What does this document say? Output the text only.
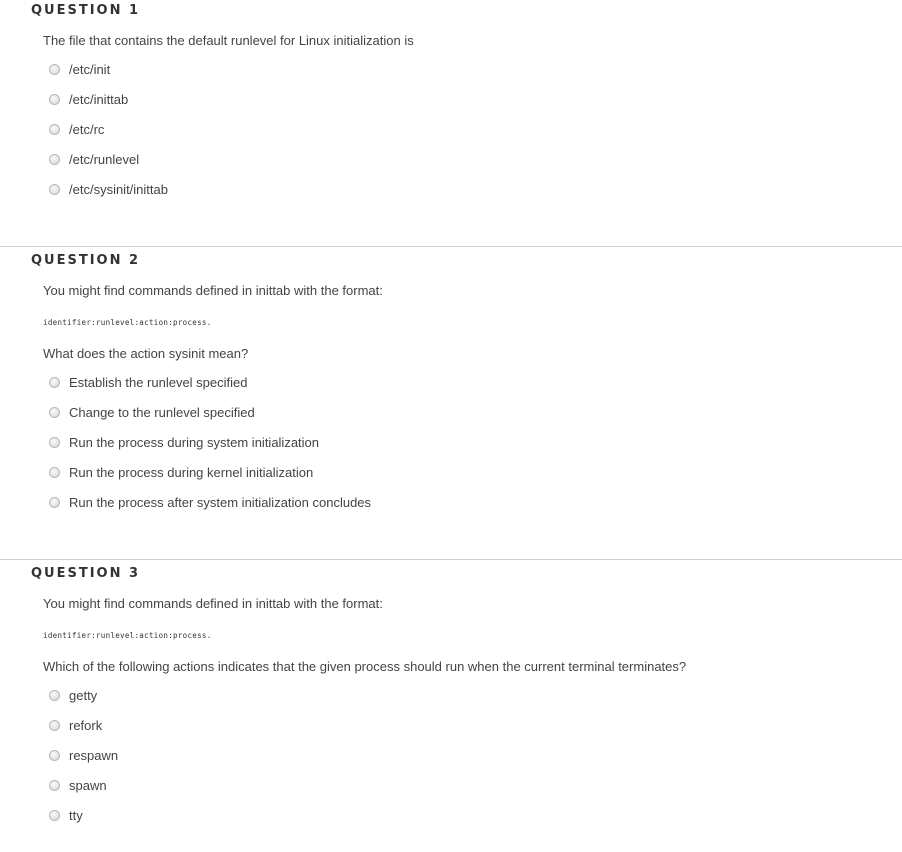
QUESTION 1
The file that contains the default runlevel for Linux initialization is
/etc/init
/etc/inittab
/etc/rc
/etc/runlevel
/etc/sysinit/inittab
QUESTION 2
You might find commands defined in inittab with the format:
identifier:runlevel:action:process.
What does the action sysinit mean?
Establish the runlevel specified
Change to the runlevel specified
Run the process during system initialization
Run the process during kernel initialization
Run the process after system initialization concludes
QUESTION 3
You might find commands defined in inittab with the format:
identifier:runlevel:action:process.
Which of the following actions indicates that the given process should run when the current terminal terminates?
getty
refork
respawn
spawn
tty
